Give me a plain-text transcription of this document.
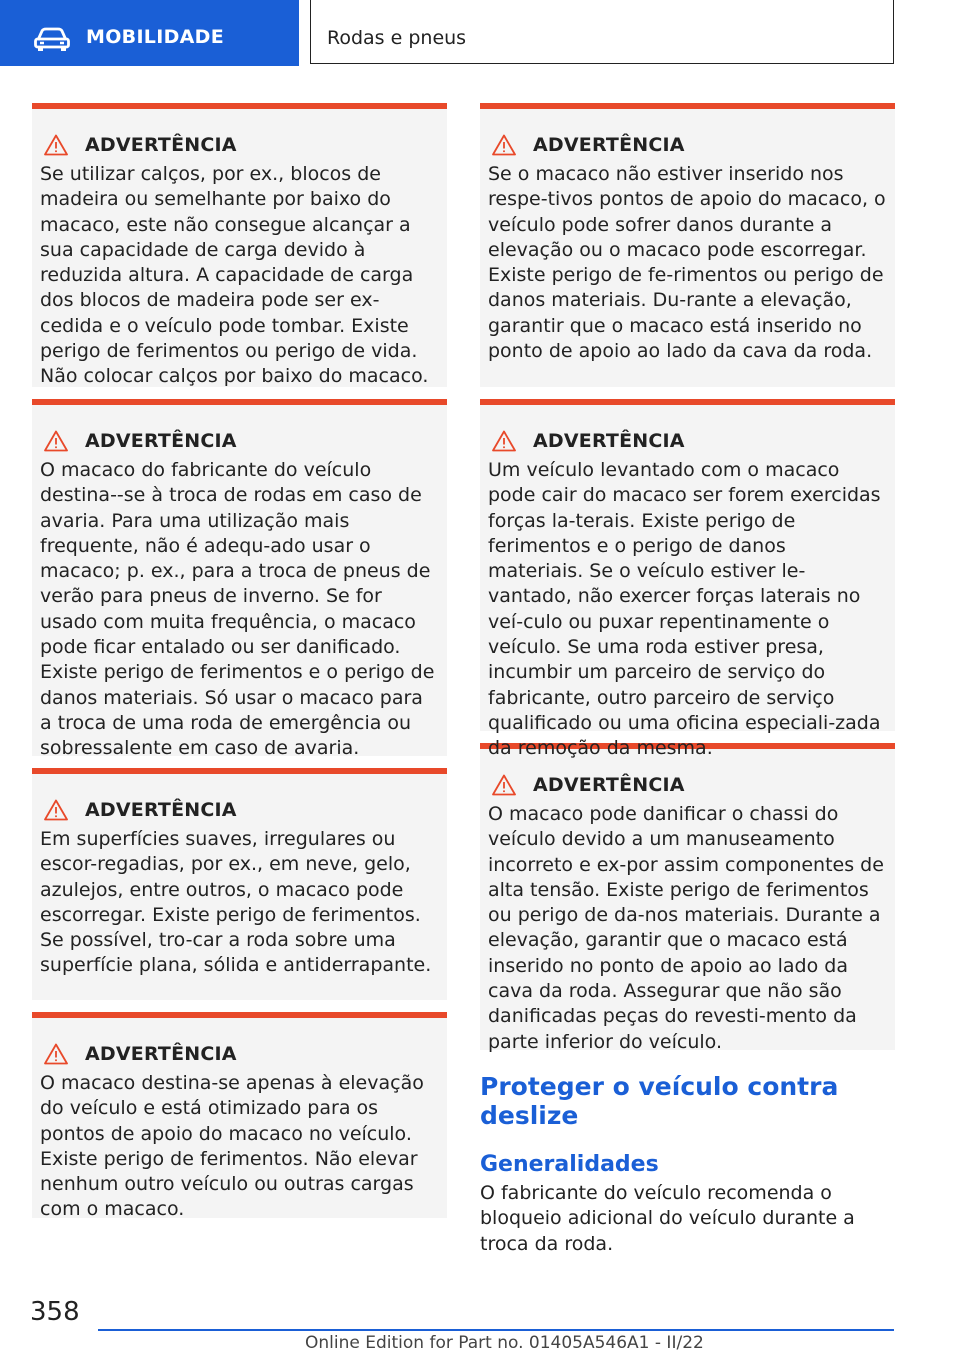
MOBILIDADE	Rodas e pneus
ADVERTÊNCIA
Se utilizar calços, por ex., blocos de madeira ou semelhante por baixo do macaco, este não consegue alcançar a sua capacidade de carga devido à reduzida altura. A capacidade de carga dos blocos de madeira pode ser ex-cedida e o veículo pode tombar. Existe perigo de ferimentos ou perigo de vida. Não colocar calços por baixo do macaco.
ADVERTÊNCIA
O macaco do fabricante do veículo destina--se à troca de rodas em caso de avaria. Para uma utilização mais frequente, não é adequ-ado usar o macaco; p. ex., para a troca de pneus de verão para pneus de inverno. Se for usado com muita frequência, o macaco pode ficar entalado ou ser danificado. Existe perigo de ferimentos e o perigo de danos materiais. Só usar o macaco para a troca de uma roda de emergência ou sobressalente em caso de avaria.
ADVERTÊNCIA
Em superfícies suaves, irregulares ou escor-regadias, por ex., em neve, gelo, azulejos, entre outros, o macaco pode escorregar. Existe perigo de ferimentos. Se possível, tro-car a roda sobre uma superfície plana, sólida e antiderrapante.
ADVERTÊNCIA
O macaco destina-se apenas à elevação do veículo e está otimizado para os pontos de apoio do macaco no veículo. Existe perigo de ferimentos. Não elevar nenhum outro veículo ou outras cargas com o macaco.
ADVERTÊNCIA
Se o macaco não estiver inserido nos respe-tivos pontos de apoio do macaco, o veículo pode sofrer danos durante a elevação ou o macaco pode escorregar. Existe perigo de fe-rimentos ou perigo de danos materiais. Du-rante a elevação, garantir que o macaco está inserido no ponto de apoio ao lado da cava da roda.
ADVERTÊNCIA
Um veículo levantado com o macaco pode cair do macaco ser forem exercidas forças la-terais. Existe perigo de ferimentos e o perigo de danos materiais. Se o veículo estiver le-vantado, não exercer forças laterais no veí-culo ou puxar repentinamente o veículo. Se uma roda estiver presa, incumbir um parceiro de serviço do fabricante, outro parceiro de serviço qualificado ou uma oficina especiali-zada da remoção da mesma.
ADVERTÊNCIA
O macaco pode danificar o chassi do veículo devido a um manuseamento incorreto e ex-por assim componentes de alta tensão. Existe perigo de ferimentos ou perigo de da-nos materiais. Durante a elevação, garantir que o macaco está inserido no ponto de apoio ao lado da cava da roda. Assegurar que não são danificadas peças do revesti-mento da parte inferior do veículo.
Proteger o veículo contra deslize
Generalidades
O fabricante do veículo recomenda o bloqueio adicional do veículo durante a troca da roda.
358
Online Edition for Part no. 01405A546A1 - II/22
